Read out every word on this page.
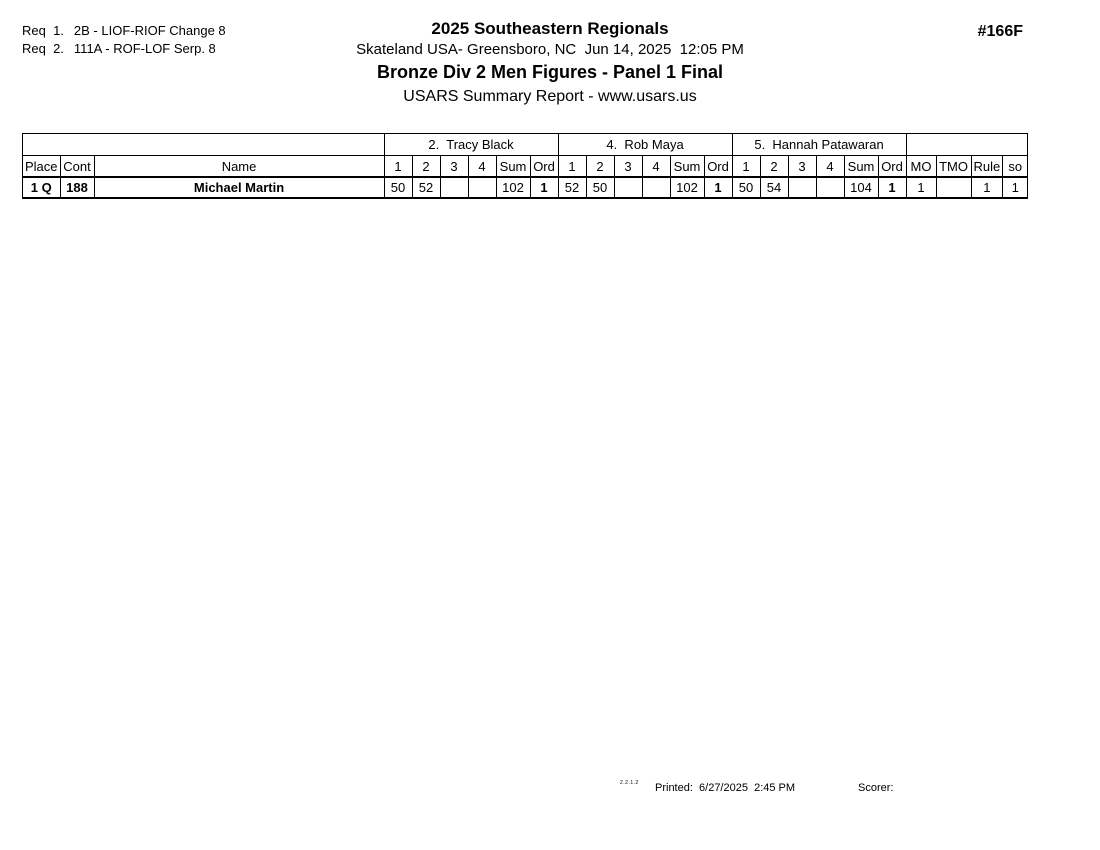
Req  1. 2B - LIOF-RIOF Change 8
Req  2. 111A - ROF-LOF Serp. 8
2025 Southeastern Regionals
Skateland USA- Greensboro, NC  Jun 14, 2025  12:05 PM
Bronze Div 2 Men Figures - Panel 1 Final
USARS Summary Report - www.usars.us
#166F
			2.  Tracy Black						4.  Rob Maya						5.  Hannah Patawaran									
Place	Cont	Name	1	2	3	4	Sum	Ord	1	2	3	4	Sum	Ord	1	2	3	4	Sum	Ord	MO	TMO	Rule	so
1 Q	188	Michael Martin	50	52			102	1	52	50			102	1	50	54			104	1	1		1	1
2.2.1.2 Printed:  6/27/2025  2:45 PM	Scorer:
